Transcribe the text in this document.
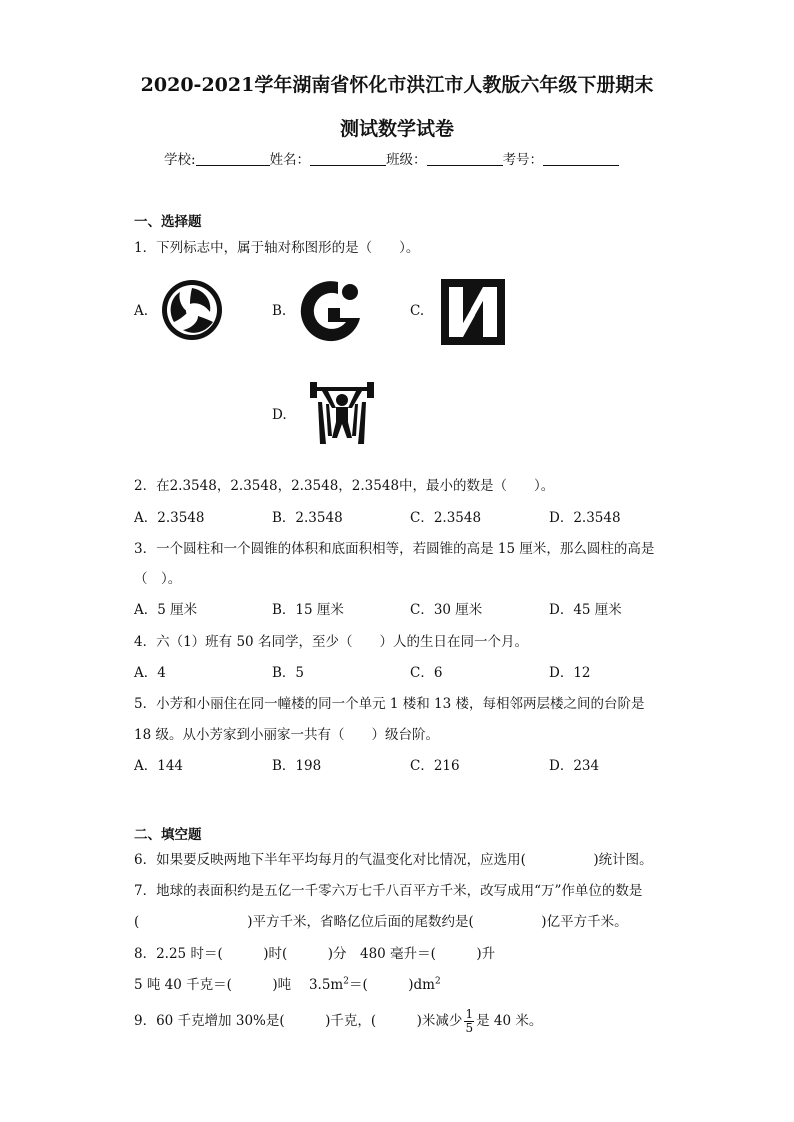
2020-2021学年湖南省怀化市洪江市人教版六年级下册期末
测试数学试卷
学校:	姓名：	班级：	考号：
一、选择题
1．下列标志中，属于轴对称图形的是（　　）。
A.	B.	C.
D.
2．在2.3548，2.3548，2.3548，2.3548中，最小的数是（　　）。
A．2.3548	B．2.3548	C．2.3548	D．2.3548
3．一个圆柱和一个圆锥的体积和底面积相等，若圆锥的高是 15 厘米，那么圆柱的高是
（　）。
A．5 厘米	B．15 厘米	C．30 厘米	D．45 厘米
4．六（1）班有 50 名同学，至少（　　）人的生日在同一个月。
A．4	B．5	C．6	D．12
5．小芳和小丽住在同一幢楼的同一个单元 1 楼和 13 楼，每相邻两层楼之间的台阶是
18 级。从小芳家到小丽家一共有（　　）级台阶。
A．144	B．198	C．216	D．234
二、填空题
6．如果要反映两地下半年平均每月的气温变化对比情况，应选用(　　　　　)统计图。
7．地球的表面积约是五亿一千零六万七千八百平方千米，改写成用“万”作单位的数是
(　　　　　　　　)平方千米，省略亿位后面的尾数约是(　　　　　)亿平方千米。
8．2.25 时＝(　　　)时(　　　)分　480 毫升＝(　　　)升
5 吨 40 千克＝(　　　)吨　 $3.5m^2=$(　　　)$dm^2$
9．60 千克增加 30%是(　　　)千克，(　　　)米减少 $\frac{1}{5}$ 是 40 米。
